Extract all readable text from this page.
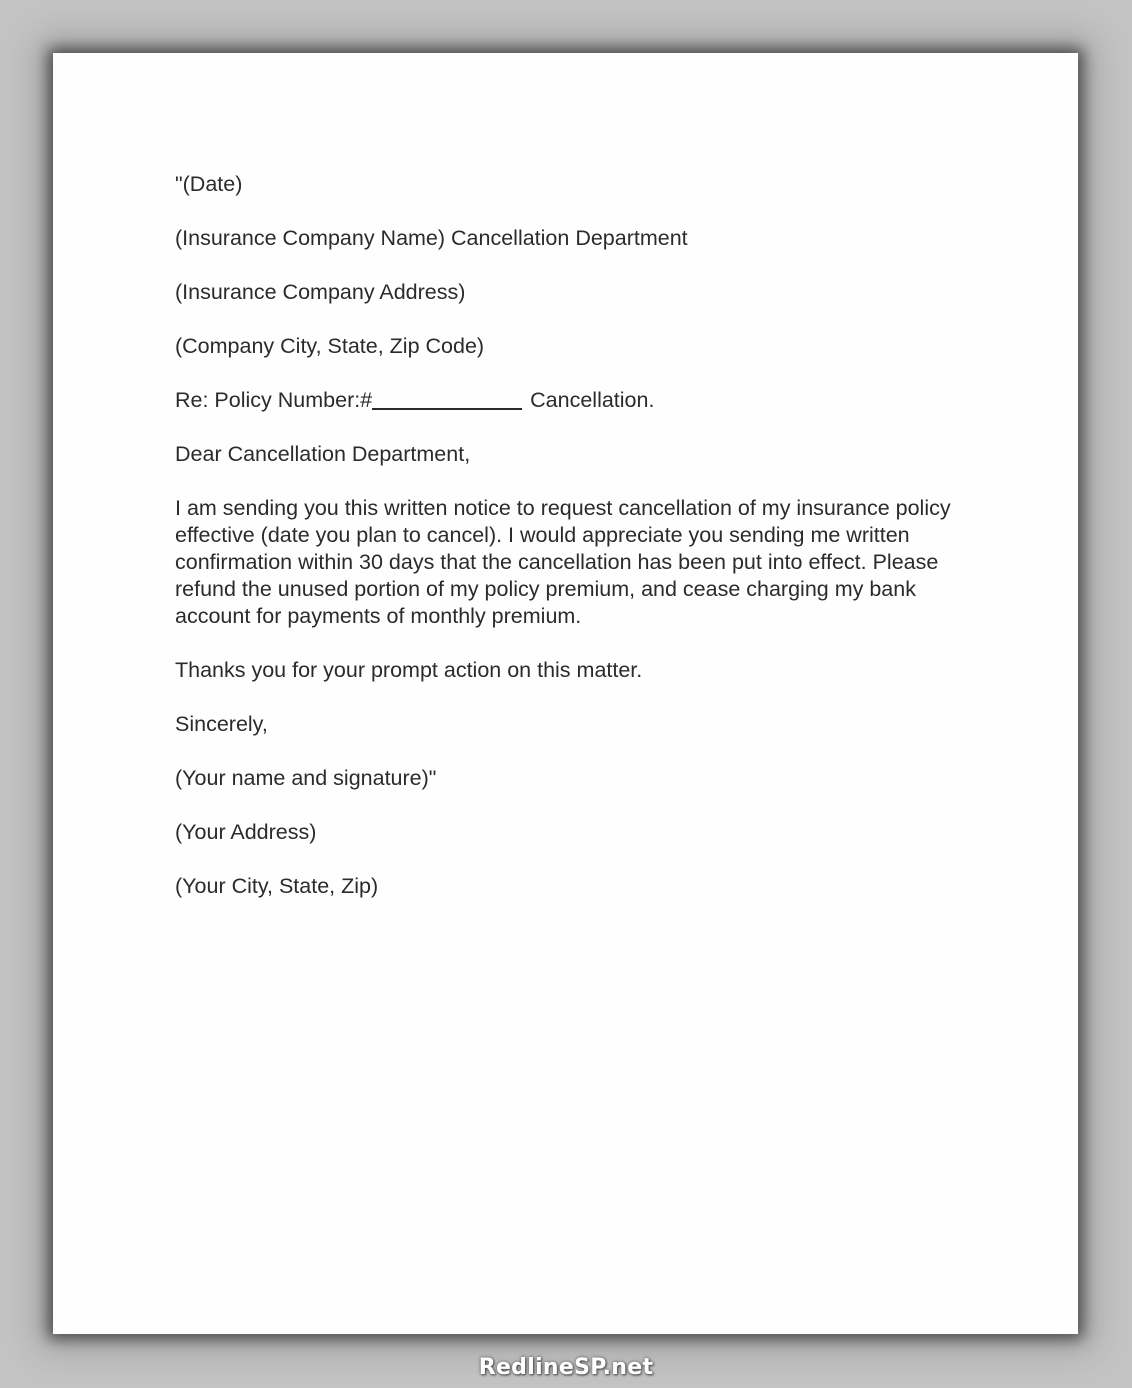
"(Date)

(Insurance Company Name) Cancellation Department

(Insurance Company Address)

(Company City, State, Zip Code)

Re: Policy Number:#	Cancellation.

Dear Cancellation Department,

I am sending you this written notice to request cancellation of my insurance policy effective (date you plan to cancel). I would appreciate you sending me written confirmation within 30 days that the cancellation has been put into effect. Please refund the unused portion of my policy premium, and cease charging my bank account for payments of monthly premium.

Thanks you for your prompt action on this matter.

Sincerely,

(Your name and signature)"

(Your Address)

(Your City, State, Zip)

RedlineSP.net
